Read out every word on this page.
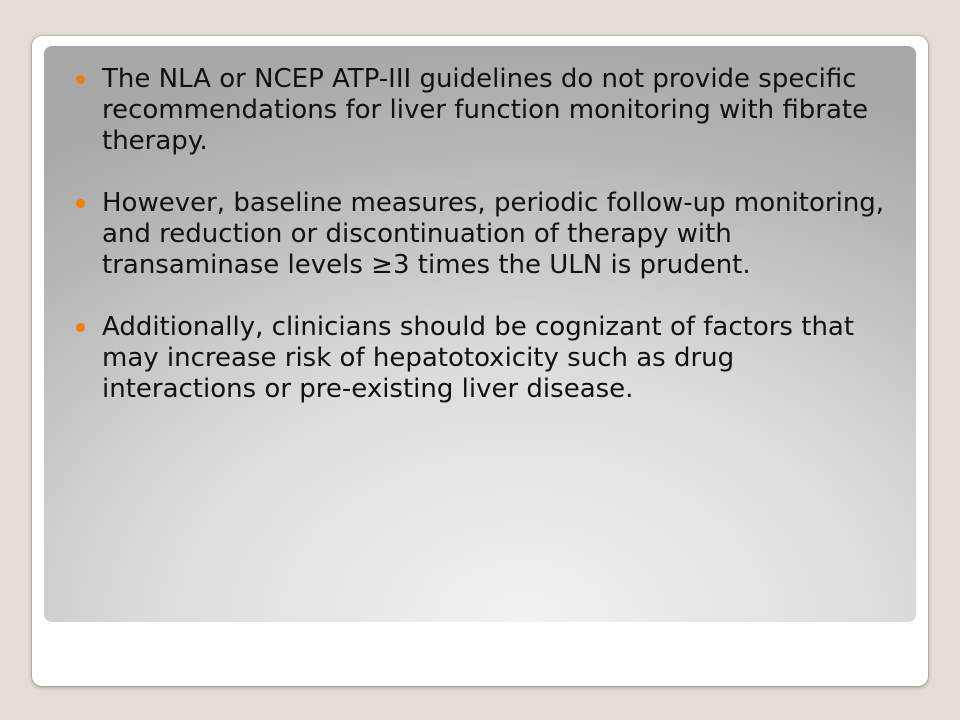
The NLA or NCEP ATP-III guidelines do not provide specific recommendations for liver function monitoring with fibrate therapy.
However, baseline measures, periodic follow-up monitoring, and reduction or discontinuation of therapy with transaminase levels ≥3 times the ULN is prudent.
Additionally, clinicians should be cognizant of factors that may increase risk of hepatotoxicity such as drug interactions or pre-existing liver disease.
